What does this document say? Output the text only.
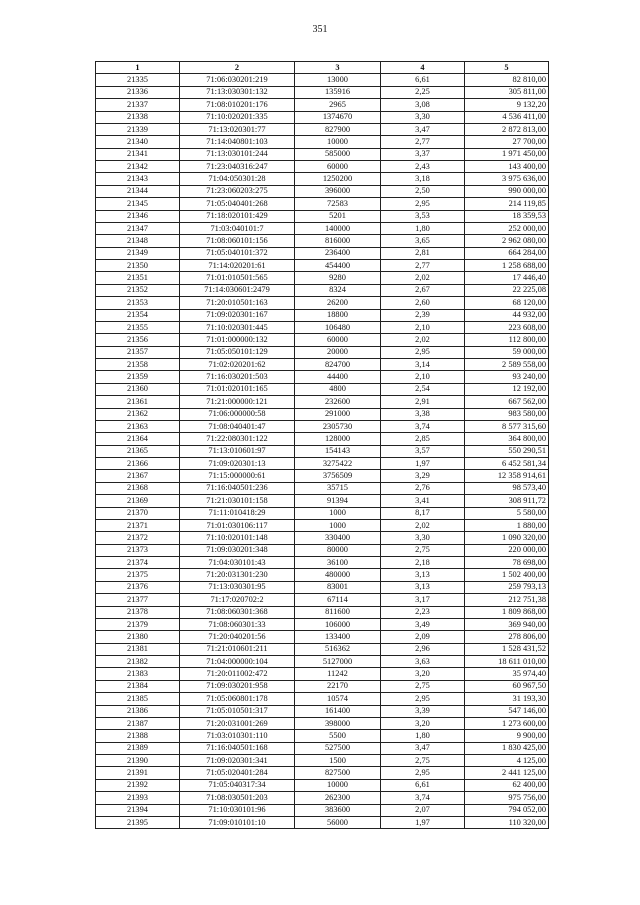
351
1	2	3	4	5
21335	71:06:030201:219	13000	6,61	82 810,00
21336	71:13:030301:132	135916	2,25	305 811,00
21337	71:08:010201:176	2965	3,08	9 132,20
21338	71:10:020201:335	1374670	3,30	4 536 411,00
21339	71:13:020301:77	827900	3,47	2 872 813,00
21340	71:14:040801:103	10000	2,77	27 700,00
21341	71:13:030101:244	585000	3,37	1 971 450,00
21342	71:23:040316:247	60000	2,43	143 400,00
21343	71:04:050301:28	1250200	3,18	3 975 636,00
21344	71:23:060203:275	396000	2,50	990 000,00
21345	71:05:040401:268	72583	2,95	214 119,85
21346	71:18:020101:429	5201	3,53	18 359,53
21347	71:03:040101:7	140000	1,80	252 000,00
21348	71:08:060101:156	816000	3,65	2 962 080,00
21349	71:05:040101:372	236400	2,81	664 284,00
21350	71:14:020201:61	454400	2,77	1 258 688,00
21351	71:01:010501:565	9280	2,02	17 446,40
21352	71:14:030601:2479	8324	2,67	22 225,08
21353	71:20:010501:163	26200	2,60	68 120,00
21354	71:09:020301:167	18800	2,39	44 932,00
21355	71:10:020301:445	106480	2,10	223 608,00
21356	71:01:000000:132	60000	2,02	112 800,00
21357	71:05:050101:129	20000	2,95	59 000,00
21358	71:02:020201:62	824700	3,14	2 589 558,00
21359	71:16:030201:503	44400	2,10	93 240,00
21360	71:01:020101:165	4800	2,54	12 192,00
21361	71:21:000000:121	232600	2,91	667 562,00
21362	71:06:000000:58	291000	3,38	983 580,00
21363	71:08:040401:47	2305730	3,74	8 577 315,60
21364	71:22:080301:122	128000	2,85	364 800,00
21365	71:13:010601:97	154143	3,57	550 290,51
21366	71:09:020301:13	3275422	1,97	6 452 581,34
21367	71:15:000000:61	3756509	3,29	12 358 914,61
21368	71:16:040501:236	35715	2,76	98 573,40
21369	71:21:030101:158	91394	3,41	308 911,72
21370	71:11:010418:29	1000	8,17	5 580,00
21371	71:01:030106:117	1000	2,02	1 880,00
21372	71:10:020101:148	330400	3,30	1 090 320,00
21373	71:09:030201:348	80000	2,75	220 000,00
21374	71:04:030101:43	36100	2,18	78 698,00
21375	71:20:031301:230	480000	3,13	1 502 400,00
21376	71:13:030301:95	83001	3,13	259 793,13
21377	71:17:020702:2	67114	3,17	212 751,38
21378	71:08:060301:368	811600	2,23	1 809 868,00
21379	71:08:060301:33	106000	3,49	369 940,00
21380	71:20:040201:56	133400	2,09	278 806,00
21381	71:21:010601:211	516362	2,96	1 528 431,52
21382	71:04:000000:104	5127000	3,63	18 611 010,00
21383	71:20:011002:472	11242	3,20	35 974,40
21384	71:09:030201:958	22170	2,75	60 967,50
21385	71:05:060801:178	10574	2,95	31 193,30
21386	71:05:010501:317	161400	3,39	547 146,00
21387	71:20:031001:269	398000	3,20	1 273 600,00
21388	71:03:010301:110	5500	1,80	9 900,00
21389	71:16:040501:168	527500	3,47	1 830 425,00
21390	71:09:020301:341	1500	2,75	4 125,00
21391	71:05:020401:284	827500	2,95	2 441 125,00
21392	71:05:040317:34	10000	6,61	62 400,00
21393	71:08:030501:203	262300	3,74	975 756,00
21394	71:10:030101:96	383600	2,07	794 052,00
21395	71:09:010101:10	56000	1,97	110 320,00
